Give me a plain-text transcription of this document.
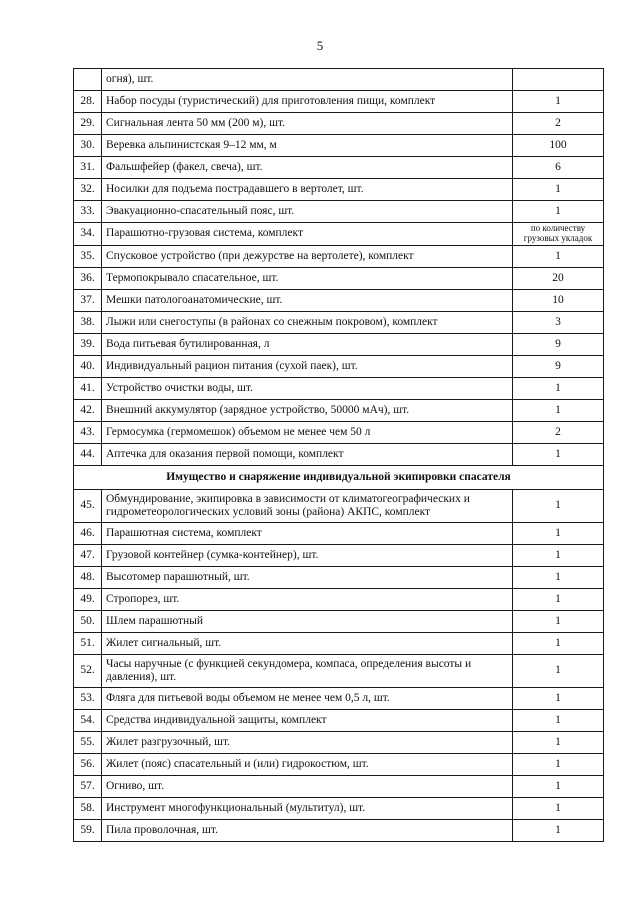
5
	огня), шт.	
28.	Набор посуды (туристический) для приготовления пищи, комплект	1
29.	Сигнальная лента 50 мм (200 м), шт.	2
30.	Веревка альпинистская 9–12 мм, м	100
31.	Фальшфейер (факел, свеча), шт.	6
32.	Носилки для подъема пострадавшего в вертолет, шт.	1
33.	Эвакуационно-спасательный пояс, шт.	1
34.	Парашютно-грузовая система, комплект	по количеству грузовых укладок
35.	Спусковое устройство (при дежурстве на вертолете), комплект	1
36.	Термопокрывало спасательное, шт.	20
37.	Мешки патологоанатомические, шт.	10
38.	Лыжи или снегоступы (в районах со снежным покровом), комплект	3
39.	Вода питьевая бутилированная, л	9
40.	Индивидуальный рацион питания (сухой паек), шт.	9
41.	Устройство очистки воды, шт.	1
42.	Внешний аккумулятор (зарядное устройство, 50000 мАч), шт.	1
43.	Гермосумка (гермомешок) объемом не менее чем 50 л	2
44.	Аптечка для оказания первой помощи, комплект	1
Имущество и снаряжение индивидуальной экипировки спасателя		
45.	Обмундирование, экипировка в зависимости от климатогеографических и гидрометеорологических условий зоны (района) АКПС, комплект	1
46.	Парашютная система, комплект	1
47.	Грузовой контейнер (сумка-контейнер), шт.	1
48.	Высотомер парашютный, шт.	1
49.	Стропорез, шт.	1
50.	Шлем парашютный	1
51.	Жилет сигнальный, шт.	1
52.	Часы наручные (с функцией секундомера, компаса, определения высоты и давления), шт.	1
53.	Фляга для питьевой воды объемом не менее чем 0,5 л, шт.	1
54.	Средства индивидуальной защиты, комплект	1
55.	Жилет разгрузочный, шт.	1
56.	Жилет (пояс) спасательный и (или) гидрокостюм, шт.	1
57.	Огниво, шт.	1
58.	Инструмент многофункциональный (мультитул), шт.	1
59.	Пила проволочная, шт.	1
